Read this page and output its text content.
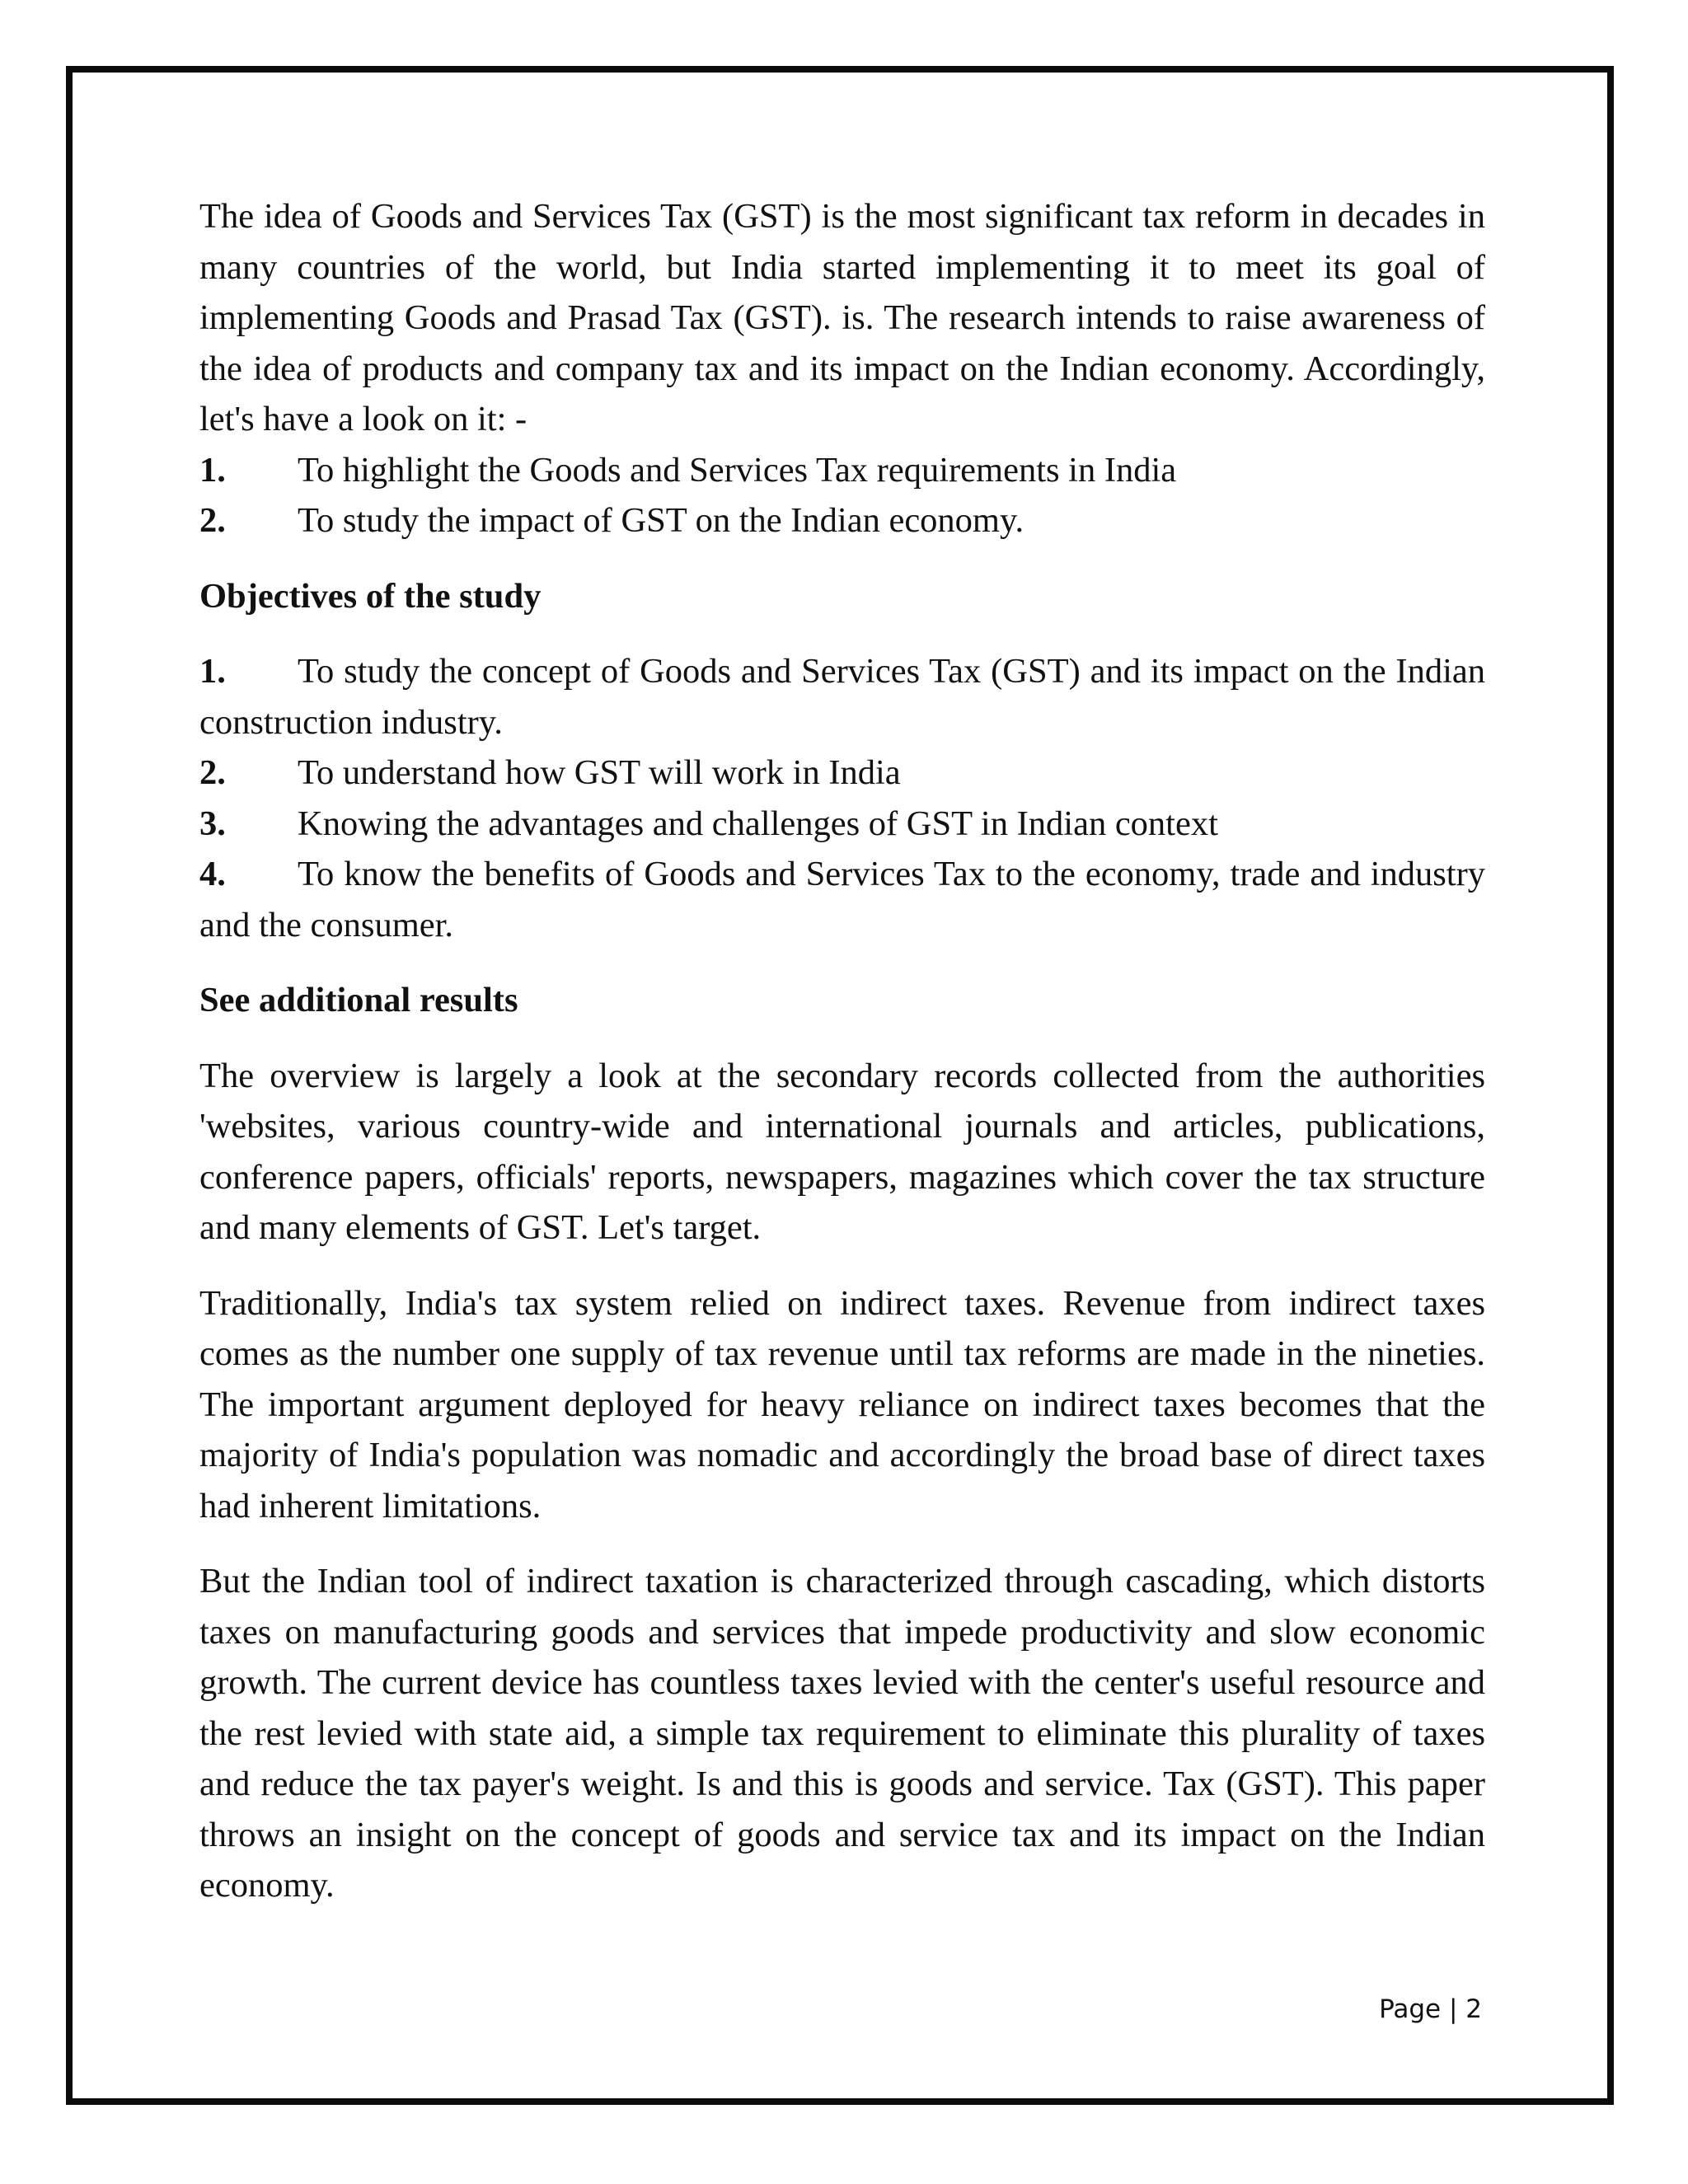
The idea of Goods and Services Tax (GST) is the most significant tax reform in decades in many countries of the world, but India started implementing it to meet its goal of implementing Goods and Prasad Tax (GST). is. The research intends to raise awareness of the idea of products and company tax and its impact on the Indian economy. Accordingly, let's have a look on it: -

1. To highlight the Goods and Services Tax requirements in India
2. To study the impact of GST on the Indian economy.
Objectives of the study
1. To study the concept of Goods and Services Tax (GST) and its impact on the Indian construction industry.
2. To understand how GST will work in India
3. Knowing the advantages and challenges of GST in Indian context
4. To know the benefits of Goods and Services Tax to the economy, trade and industry and the consumer.
See additional results

The overview is largely a look at the secondary records collected from the authorities 'websites, various country-wide and international journals and articles, publications, conference papers, officials' reports, newspapers, magazines which cover the tax structure and many elements of GST. Let's target.

Traditionally, India's tax system relied on indirect taxes. Revenue from indirect taxes comes as the number one supply of tax revenue until tax reforms are made in the nineties. The important argument deployed for heavy reliance on indirect taxes becomes that the majority of India's population was nomadic and accordingly the broad base of direct taxes had inherent limitations.

But the Indian tool of indirect taxation is characterized through cascading, which distorts taxes on manufacturing goods and services that impede productivity and slow economic growth. The current device has countless taxes levied with the center's useful resource and the rest levied with state aid, a simple tax requirement to eliminate this plurality of taxes and reduce the tax payer's weight. Is and this is goods and service. Tax (GST). This paper throws an insight on the concept of goods and service tax and its impact on the Indian economy.

Page | 2
